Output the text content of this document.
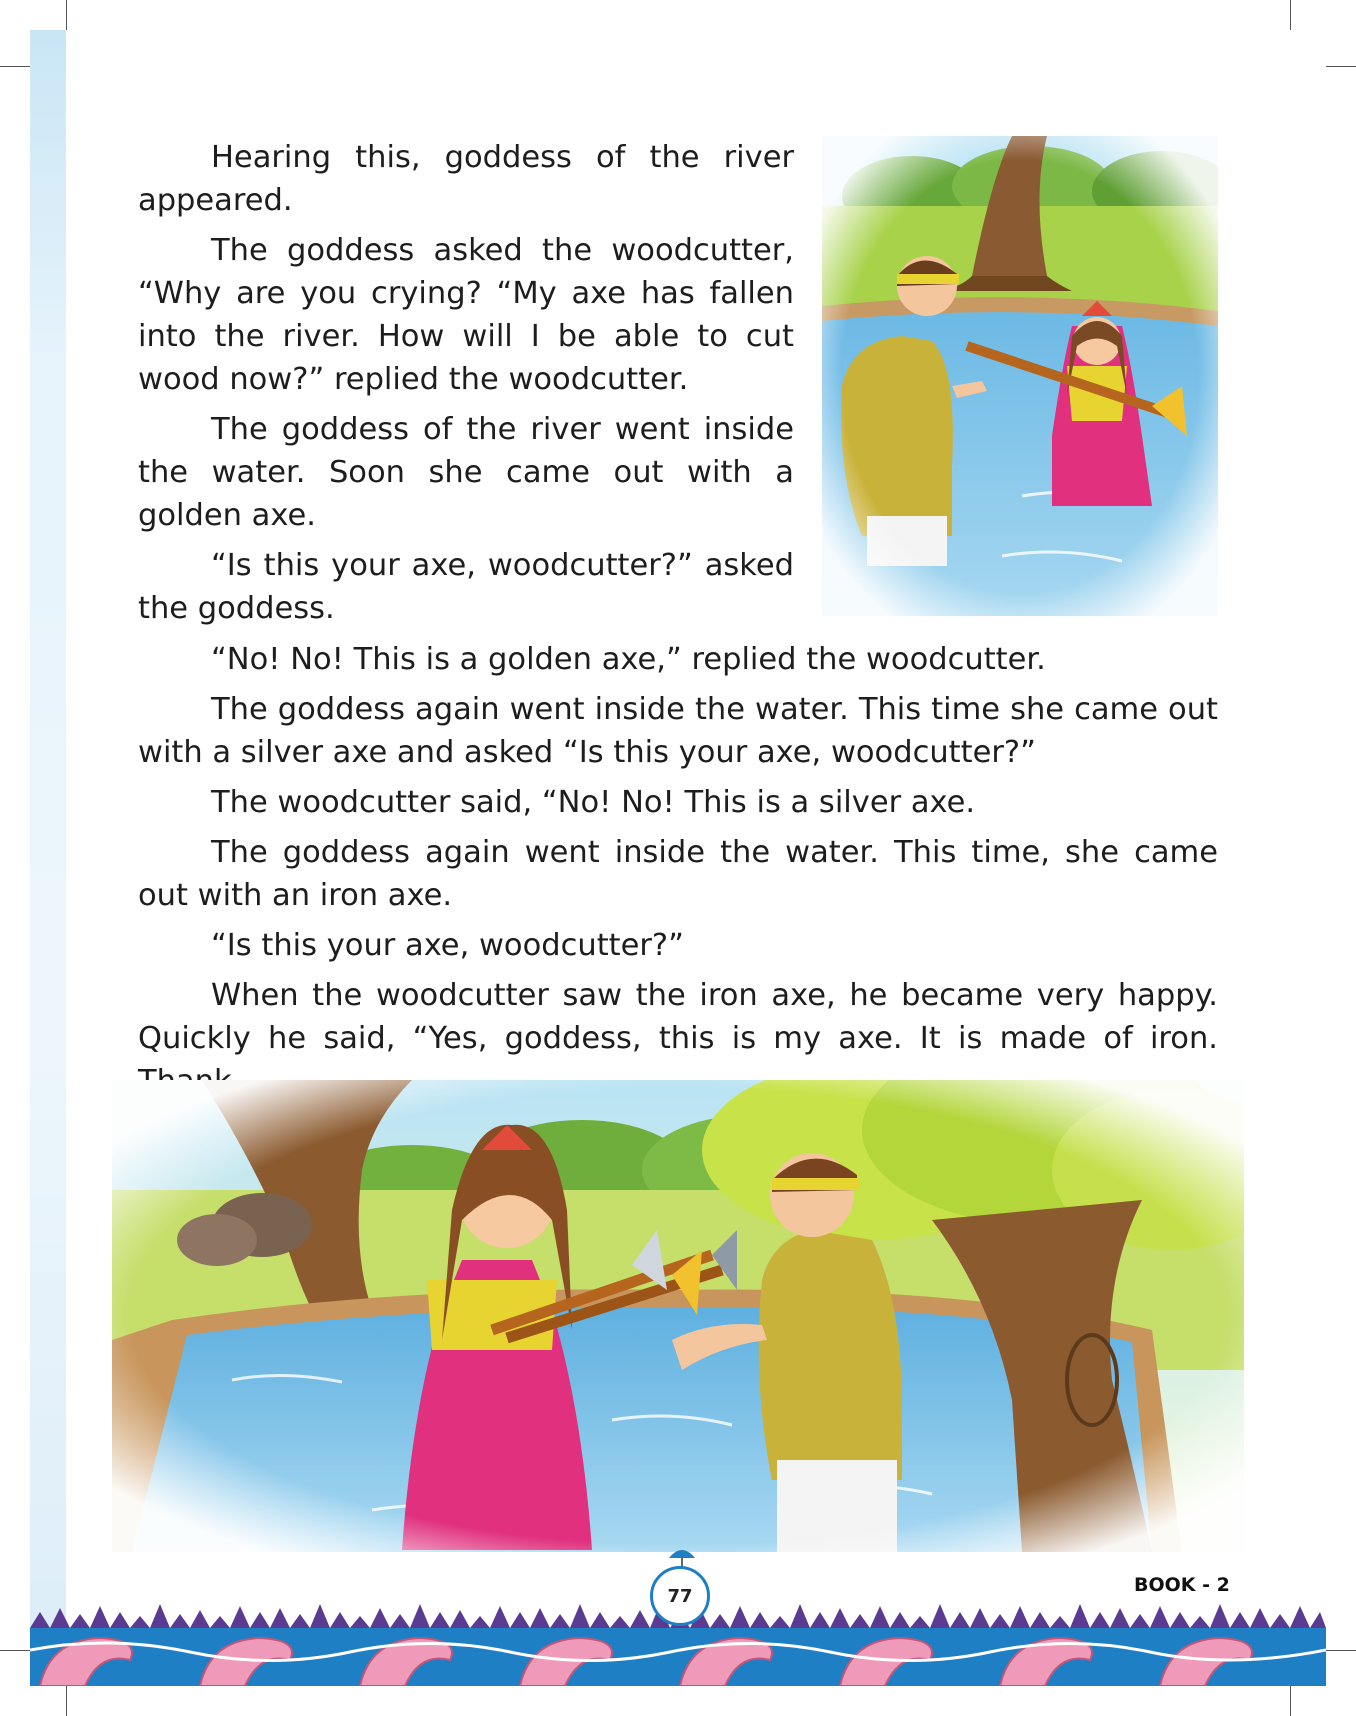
Hearing this, goddess of the river appeared.

The goddess asked the woodcutter, “Why are you crying? “My axe has fallen into the river. How will I be able to cut wood now?” replied the woodcutter.

The goddess of the river went inside the water. Soon she came out with a golden axe.

“Is this your axe, woodcutter?” asked the goddess.

“No! No! This is a golden axe,” replied the woodcutter.

The goddess again went inside the water. This time she came out with a silver axe and asked “Is this your axe, woodcutter?”

The woodcutter said, “No! No! This is a silver axe.

The goddess again went inside the water. This time, she came out with an iron axe.

“Is this your axe, woodcutter?”

When the woodcutter saw the iron axe, he became very happy. Quickly he said, “Yes, goddess, this is my axe. It is made of iron.

77	BOOK - 2
